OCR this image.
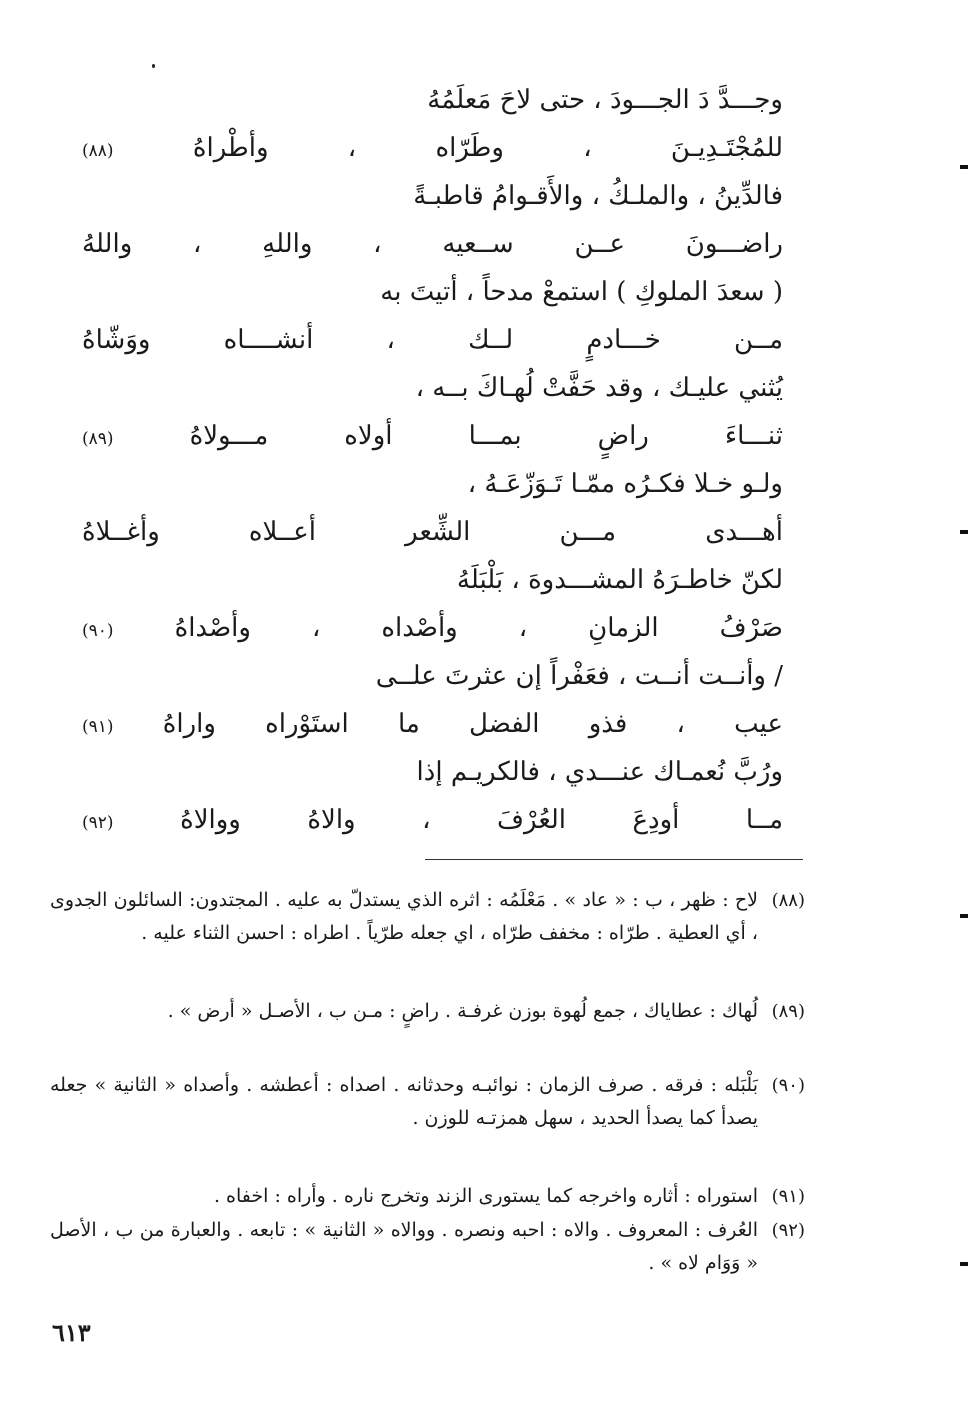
وجـــدَّ دَ الجـــودَ ، حتى لاحَ مَعلَمُهُ
للمُجْتَـدِيـنَ ، وطَرّاه ، وأطْراهُ (٨٨)
فالدِّينُ ، والملـكُ ، والأَقـوامُ قاطبـةً
راضـــونَ عــن ســعيه ، واللهِ ، واللهُ
( سعدَ الملوكِ ) استمعْ مدحاً ، أتيتَ به
مــن خـــادمٍ لــك ، أنشــــاه ووَشّاهُ
يُثني عليـك ، وقد حَفَّتْ لُهـاكَ بــه ،
ثنـــاءَ راضٍ بمـــا أولاه مـــولاهُ (٨٩)
ولـو خـلا فكـرُه ممّـا تَـوَزّعَـهُ ،
أهـــدى مـــن الشِّعر أعــلاه وأغــلاهُ
لكنّ خاطـرَهُ المشـــدوهَ ، بَلْبَلَهُ
صَرْفُ الزمانِ ، وأصْداه ، وأصْداهُ (٩٠)
/ وأنــت أنــت ، فعَفْراً إن عثرتَ علــى
عيب ، فذو الفضل ما استَوْراه واراهُ (٩١)
ورُبَّ نُعمـاك عنـــدي ، فالكريـم إذا
مــا أودِعَ العُرْفَ ، والاهُ ووالاهُ (٩٢)
(٨٨)
لاح : ظهر ، ب : « عاد » . مَعْلَمُه : اثره الذي يستدلّ به عليه . المجتدون: السائلون الجدوى ، أي العطية . طرّاه : مخفف طرّاه ، اي جعله طرّياً . اطراه : احسن الثناء عليه .
(٨٩)
لُهاك : عطاياك ، جمع لُهوة بوزن غرفـة . راضٍ : مـن ب ، الأصـل « أرض » .
(٩٠)
بَلْبَله : فرقه . صرف الزمان : نوائبـه وحدثانه . اصداه : أعطشه . وأصداه « الثانية » جعله يصدأ كما يصدأ الحديد ، سهل همزتـه للوزن .
(٩١)
استوراه : أثاره واخرجه كما يستورى الزند وتخرج ناره . وأراه : اخفاه .
(٩٢)
العُرف : المعروف . والاه : احبه ونصره . ووالاه « الثانية » : تابعه . والعبارة من ب ، الأصل « وَوَام لاه » .
٦١٣
